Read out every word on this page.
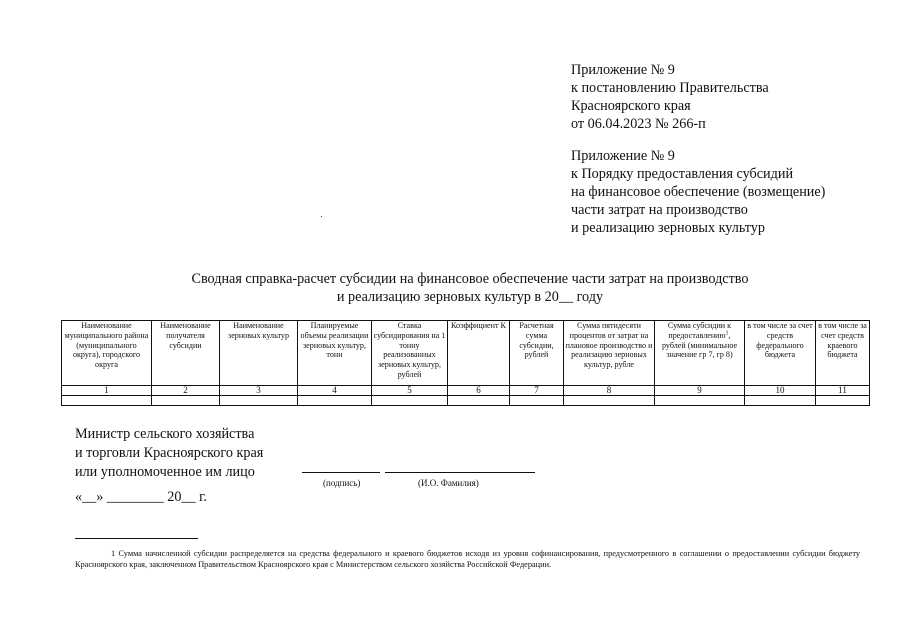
Приложение № 9
к постановлению Правительства
Красноярского края
от 06.04.2023 № 266-п
Приложение № 9
к Порядку предоставления субсидий
на финансовое обеспечение (возмещение)
части затрат на производство
и реализацию зерновых культур
Сводная справка-расчет субсидии на финансовое обеспечение части затрат на производство
и реализацию зерновых культур в 20__ году
Наименование муниципального района (муниципального округа), городского округа	Наименование получателя субсидии	Наименование зерновых культур	Планируемые объемы реализации зерновых культур, тонн	Ставка субсидирования на 1 тонну реализованных зерновых культур, рублей	Коэффициент К	Расчетная сумма субсидии, рублей	Сумма пятидесяти процентов от затрат на плановое производство и реализацию зерновых культур, рубле	Сумма субсидии к предоставлению$^1$, рублей (минимальное значение гр 7, гр 8)	в том числе за счет средств федерального бюджета	в том числе за счет средств краевого бюджета
1	2	3	4	5	6	7	8	9	10	11

Министр сельского хозяйства
и торговли Красноярского края
или уполномоченное им лицо
(подпись)	(И.О. Фамилия)
«__» ________ 20__ г.
1 Сумма начисленной субсидии распределяется на средства федерального и краевого бюджетов исходя из уровня софинансирования, предусмотренного в соглашении о предоставлении субсидии бюджету Красноярского края, заключенном Правительством Красноярского края с Министерством сельского хозяйства Российской Федерации.
